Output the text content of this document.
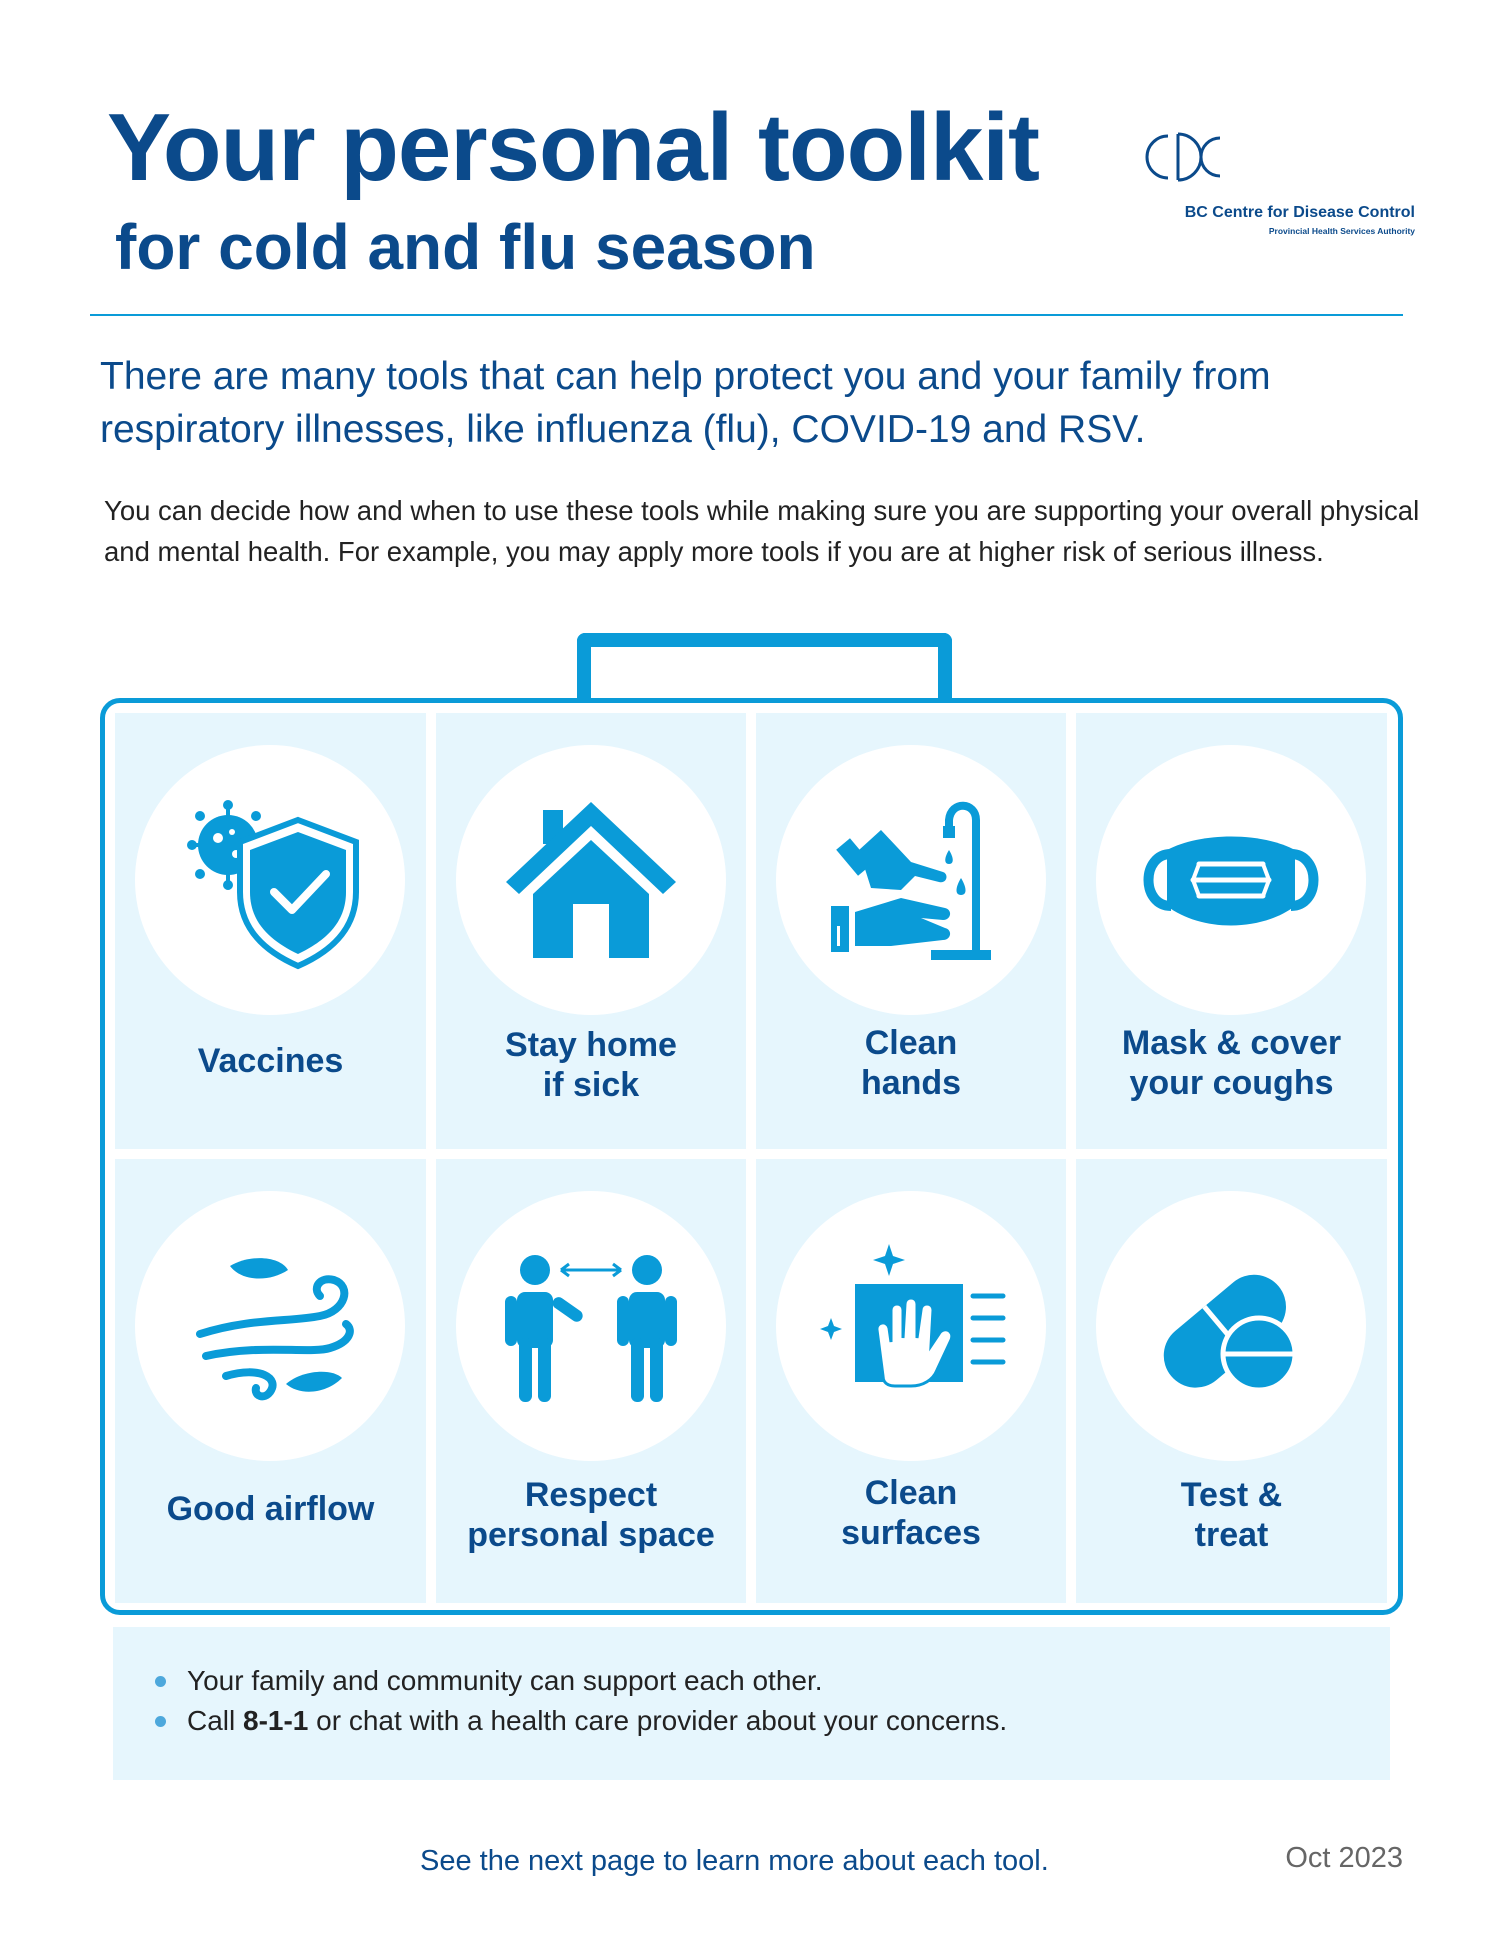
Your personal toolkit
for cold and flu season	BC Centre for Disease Control
Provincial Health Services Authority

There are many tools that can help protect you and your family from respiratory illnesses, like influenza (flu), COVID-19 and RSV.

You can decide how and when to use these tools while making sure you are supporting your overall physical and mental health. For example, you may apply more tools if you are at higher risk of serious illness.

Vaccines	Stay home
if sick
Clean
hands
Mask & cover
your coughs
Good airflow	Respect
personal space
Clean
surfaces
Test &
treat
Your family and community can support each other.
Call 8-1-1 or chat with a health care provider about your concerns.
See the next page to learn more about each tool.	Oct 2023
